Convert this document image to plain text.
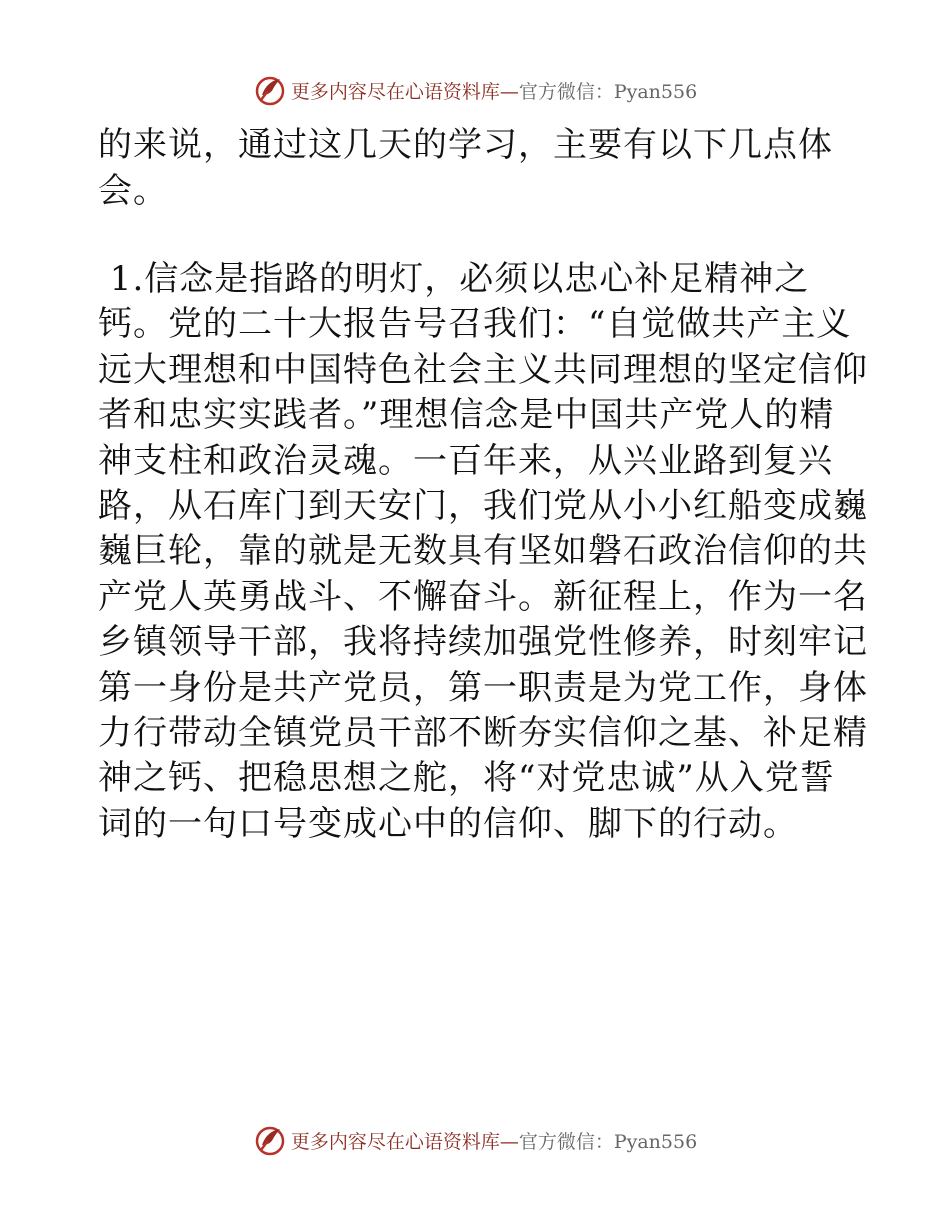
更多内容尽在心语资料库—官方微信：Pyan556
的来说，通过这几天的学习，主要有以下几点体
会。
1.信念是指路的明灯，必须以忠心补足精神之
钙。党的二十大报告号召我们：“自觉做共产主义
远大理想和中国特色社会主义共同理想的坚定信仰
者和忠实实践者。”理想信念是中国共产党人的精
神支柱和政治灵魂。一百年来，从兴业路到复兴
路，从石库门到天安门，我们党从小小红船变成巍
巍巨轮，靠的就是无数具有坚如磐石政治信仰的共
产党人英勇战斗、不懈奋斗。新征程上，作为一名
乡镇领导干部，我将持续加强党性修养，时刻牢记
第一身份是共产党员，第一职责是为党工作，身体
力行带动全镇党员干部不断夯实信仰之基、补足精
神之钙、把稳思想之舵，将“对党忠诚”从入党誓
词的一句口号变成心中的信仰、脚下的行动。
更多内容尽在心语资料库—官方微信：Pyan556
